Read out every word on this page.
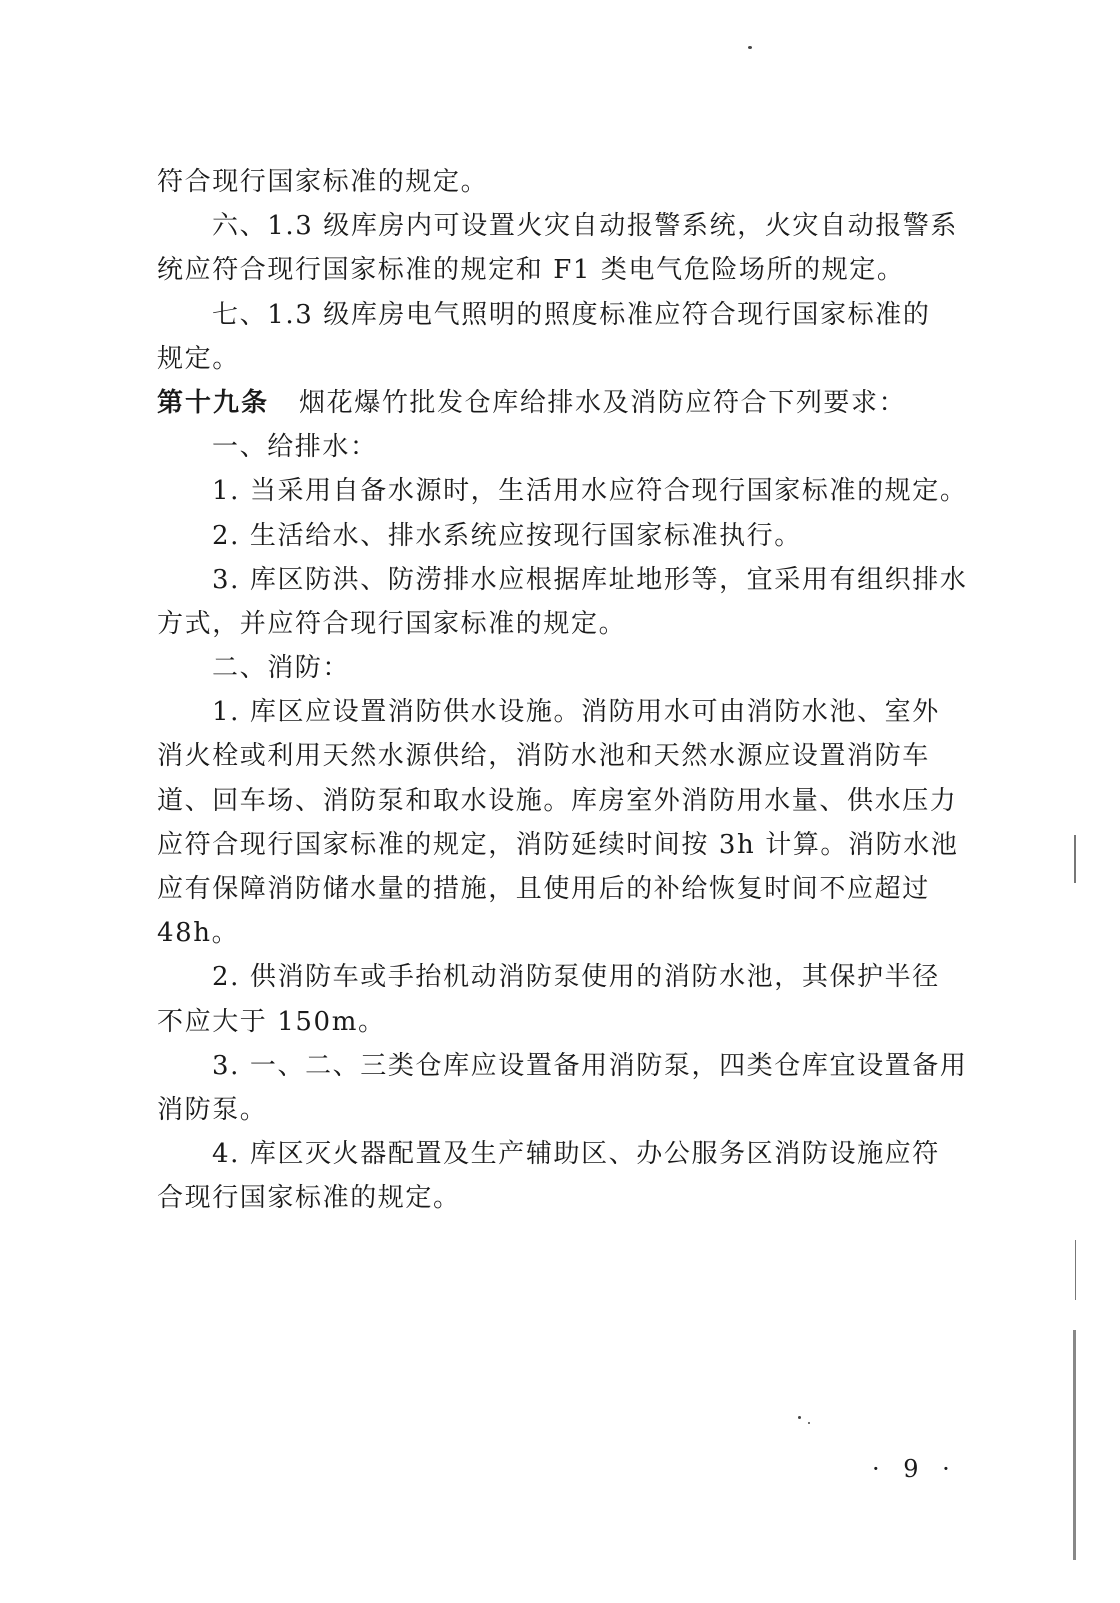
符合现行国家标准的规定。

六、1.3 级库房内可设置火灾自动报警系统，火灾自动报警系

统应符合现行国家标准的规定和 F1 类电气危险场所的规定。

七、1.3 级库房电气照明的照度标准应符合现行国家标准的

规定。

第十九条 烟花爆竹批发仓库给排水及消防应符合下列要求：

一、给排水：

1. 当采用自备水源时，生活用水应符合现行国家标准的规定。

2. 生活给水、排水系统应按现行国家标准执行。

3. 库区防洪、防涝排水应根据库址地形等，宜采用有组织排水

方式，并应符合现行国家标准的规定。

二、消防：

1. 库区应设置消防供水设施。消防用水可由消防水池、室外

消火栓或利用天然水源供给，消防水池和天然水源应设置消防车

道、回车场、消防泵和取水设施。库房室外消防用水量、供水压力

应符合现行国家标准的规定，消防延续时间按 3h 计算。消防水池

应有保障消防储水量的措施，且使用后的补给恢复时间不应超过

48h。

2. 供消防车或手抬机动消防泵使用的消防水池，其保护半径

不应大于 150m。

3. 一、二、三类仓库应设置备用消防泵，四类仓库宜设置备用

消防泵。

4. 库区灭火器配置及生产辅助区、办公服务区消防设施应符

合现行国家标准的规定。

· 9 ·
